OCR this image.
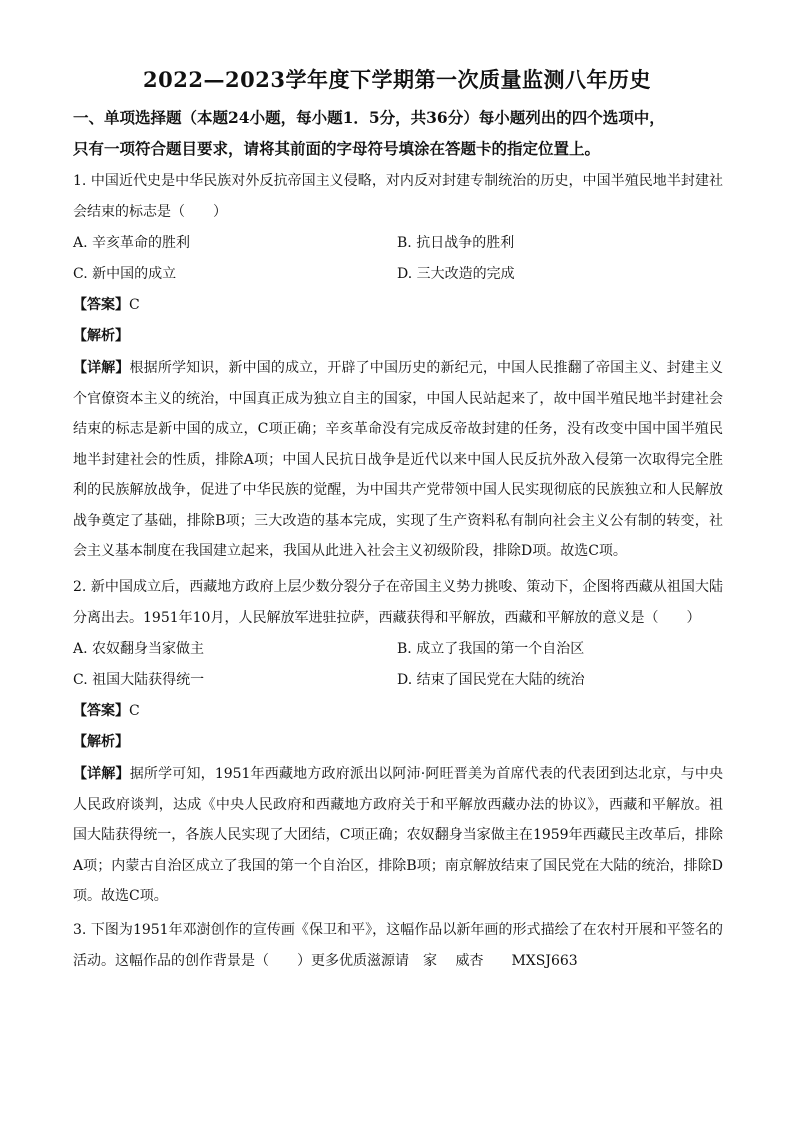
2022—2023学年度下学期第一次质量监测八年历史
一、单项选择题（本题24小题，每小题1．5分，共36分）每小题列出的四个选项中，
只有一项符合题目要求，请将其前面的字母符号填涂在答题卡的指定位置上。
1. 中国近代史是中华民族对外反抗帝国主义侵略，对内反对封建专制统治的历史，中国半殖民地半封建社会结束的标志是（　　）
A. 辛亥革命的胜利	B. 抗日战争的胜利
C. 新中国的成立	D. 三大改造的完成
【答案】C
【解析】
【详解】根据所学知识，新中国的成立，开辟了中国历史的新纪元，中国人民推翻了帝国主义、封建主义个官僚资本主义的统治，中国真正成为独立自主的国家，中国人民站起来了，故中国半殖民地半封建社会结束的标志是新中国的成立，C项正确；辛亥革命没有完成反帝故封建的任务，没有改变中国中国半殖民地半封建社会的性质，排除A项；中国人民抗日战争是近代以来中国人民反抗外敌入侵第一次取得完全胜利的民族解放战争，促进了中华民族的觉醒，为中国共产党带领中国人民实现彻底的民族独立和人民解放战争奠定了基础，排除B项；三大改造的基本完成，实现了生产资料私有制向社会主义公有制的转变，社会主义基本制度在我国建立起来，我国从此进入社会主义初级阶段，排除D项。故选C项。
2. 新中国成立后，西藏地方政府上层少数分裂分子在帝国主义势力挑唆、策动下，企图将西藏从祖国大陆分离出去。1951年10月，人民解放军进驻拉萨，西藏获得和平解放，西藏和平解放的意义是（　　）
A. 农奴翻身当家做主	B. 成立了我国的第一个自治区
C. 祖国大陆获得统一	D. 结束了国民党在大陆的统治
【答案】C
【解析】
【详解】据所学可知，1951年西藏地方政府派出以阿沛·阿旺晋美为首席代表的代表团到达北京，与中央人民政府谈判，达成《中央人民政府和西藏地方政府关于和平解放西藏办法的协议》，西藏和平解放。祖国大陆获得统一，各族人民实现了大团结，C项正确；农奴翻身当家做主在1959年西藏民主改革后，排除A项；内蒙古自治区成立了我国的第一个自治区，排除B项；南京解放结束了国民党在大陆的统治，排除D项。故选C项。
3. 下图为1951年邓澍创作的宣传画《保卫和平》，这幅作品以新年画的形式描绘了在农村开展和平签名的活动。这幅作品的创作背景是（　　）更多优质滋源请　家　 威杏　　MXSJ663
